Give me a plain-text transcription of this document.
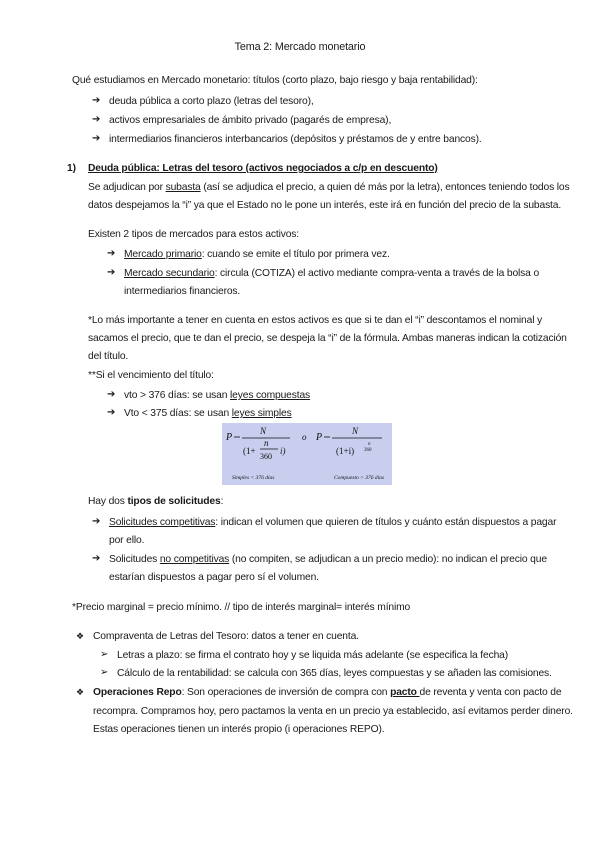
Tema 2: Mercado monetario
Qué estudiamos en Mercado monetario: títulos (corto plazo, bajo riesgo y baja rentabilidad):
➔ deuda pública a corto plazo (letras del tesoro),
➔ activos empresariales de ámbito privado (pagarés de empresa),
➔ intermediarios financieros interbancarios (depósitos y préstamos de y entre bancos).
1) Deuda pública: Letras del tesoro (activos negociados a c/p en descuento)
Se adjudican por subasta (así se adjudica el precio, a quien dé más por la letra), entonces teniendo todos los
datos despejamos la “i” ya que el Estado no le pone un interés, este irá en función del precio de la subasta.
Existen 2 tipos de mercados para estos activos:
➔ Mercado primario: cuando se emite el título por primera vez.
➔ Mercado secundario: circula (COTIZA) el activo mediante compra-venta a través de la bolsa o
intermediarios financieros.
*Lo más importante a tener en cuenta en estos activos es que si te dan el “i” descontamos el nominal y
sacamos el precio, que te dan el precio, se despeja la “i” de la fórmula. Ambas maneras indican la cotización
del título.
**Si el vencimiento del título:
➔ vto > 376 días: se usan leyes compuestas
➔ Vto < 375 días: se usan leyes simples
P
N
(1+
n
360
i)
o P
N
(1+i)
n
360
Simples < 376 días	Compuesto > 376 días
Hay dos tipos de solicitudes:
➔ Solicitudes competitivas: indican el volumen que quieren de títulos y cuánto están dispuestos a pagar
por ello.
➔ Solicitudes no competitivas (no compiten, se adjudican a un precio medio): no indican el precio que
estarían dispuestos a pagar pero sí el volumen.
*Precio marginal = precio mínimo. // tipo de interés marginal= interés mínimo
❖ Compraventa de Letras del Tesoro: datos a tener en cuenta.
➢ Letras a plazo: se firma el contrato hoy y se liquida más adelante (se especifica la fecha)
➢ Cálculo de la rentabilidad: se calcula con 365 días, leyes compuestas y se añaden las comisiones.
❖ Operaciones Repo: Son operaciones de inversión de compra con pacto de reventa y venta con pacto de
recompra. Compramos hoy, pero pactamos la venta en un precio ya establecido, así evitamos perder dinero.
Estas operaciones tienen un interés propio (i operaciones REPO).
